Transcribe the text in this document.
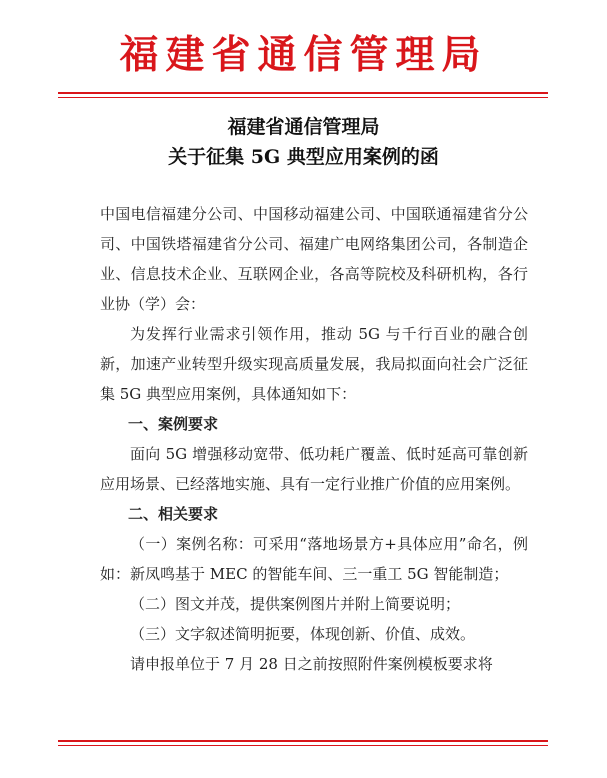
福建省通信管理局
福建省通信管理局
关于征集 5G 典型应用案例的函

中国电信福建分公司、中国移动福建公司、中国联通福建省分公司、中国铁塔福建省分公司、福建广电网络集团公司，各制造企业、信息技术企业、互联网企业，各高等院校及科研机构，各行业协（学）会：

为发挥行业需求引领作用，推动 5G 与千行百业的融合创新，加速产业转型升级实现高质量发展，我局拟面向社会广泛征集 5G 典型应用案例，具体通知如下：

一、案例要求

面向 5G 增强移动宽带、低功耗广覆盖、低时延高可靠创新应用场景、已经落地实施、具有一定行业推广价值的应用案例。

二、相关要求

（一）案例名称：可采用“落地场景方+具体应用”命名，例如：新凤鸣基于 MEC 的智能车间、三一重工 5G 智能制造；

（二）图文并茂，提供案例图片并附上简要说明；

（三）文字叙述简明扼要，体现创新、价值、成效。

请申报单位于 7 月 28 日之前按照附件案例模板要求将
